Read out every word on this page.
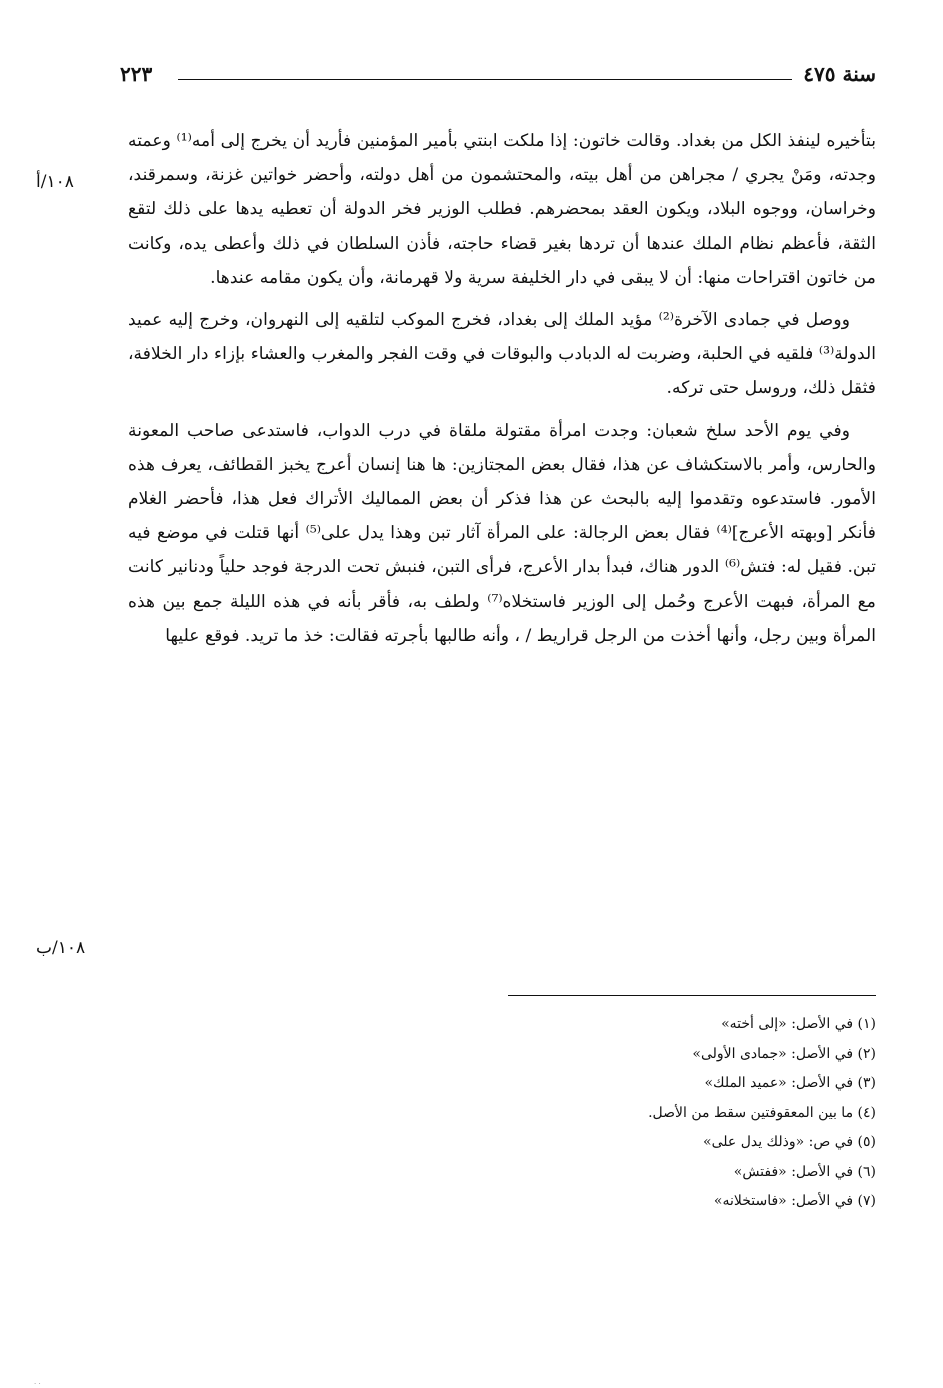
سنة ٤٧٥
٢٢٣
١٠٨/أ
١٠٨/ب

بتأخيره لينفذ الكل من بغداد. وقالت خاتون: إذا ملكت ابنتي بأمير المؤمنين فأريد أن يخرج إلى أمه⁽¹⁾ وعمته وجدته، ومَنْ يجري / مجراهن من أهل بيته، والمحتشمون من أهل دولته، وأحضر خواتين غزنة، وسمرقند، وخراسان، ووجوه البلاد، ويكون العقد بمحضرهم. فطلب الوزير فخر الدولة أن تعطيه يدها على ذلك لتقع الثقة، فأعظم نظام الملك عندها أن تردها بغير قضاء حاجته، فأذن السلطان في ذلك وأعطى يده، وكانت من خاتون اقتراحات منها: أن لا يبقى في دار الخليفة سرية ولا قهرمانة، وأن يكون مقامه عندها.

ووصل في جمادى الآخرة⁽²⁾ مؤيد الملك إلى بغداد، فخرج الموكب لتلقيه إلى النهروان، وخرج إليه عميد الدولة⁽³⁾ فلقيه في الحلبة، وضربت له الدبادب والبوقات في وقت الفجر والمغرب والعشاء بإزاء دار الخلافة، فثقل ذلك، وروسل حتى تركه.

وفي يوم الأحد سلخ شعبان: وجدت امرأة مقتولة ملقاة في درب الدواب، فاستدعى صاحب المعونة والحارس، وأمر بالاستكشاف عن هذا، فقال بعض المجتازين: ها هنا إنسان أعرج يخبز القطائف، يعرف هذه الأمور. فاستدعوه وتقدموا إليه بالبحث عن هذا فذكر أن بعض المماليك الأتراك فعل هذا، فأحضر الغلام فأنكر [وبهته الأعرج]⁽⁴⁾ فقال بعض الرجالة: على المرأة آثار تبن وهذا يدل على⁽⁵⁾ أنها قتلت في موضع فيه تبن. فقيل له: فتش⁽⁶⁾ الدور هناك، فبدأ بدار الأعرج، فرأى التبن، فنبش تحت الدرجة فوجد حلياً ودنانير كانت مع المرأة، فبهت الأعرج وحُمل إلى الوزير فاستخلاه⁽⁷⁾ ولطف به، فأقر بأنه في هذه الليلة جمع بين هذه المرأة وبين رجل، وأنها أخذت من الرجل قراريط / ، وأنه طالبها بأجرته فقالت: خذ ما تريد. فوقع عليها

(١) في الأصل: «إلى أخته»
(٢) في الأصل: «جمادى الأولى»
(٣) في الأصل: «عميد الملك»
(٤) ما بين المعقوفتين سقط من الأصل.
(٥) في ص: «وذلك يدل على»
(٦) في الأصل: «ففتش»
(٧) في الأصل: «فاستخلانه»
· ·
